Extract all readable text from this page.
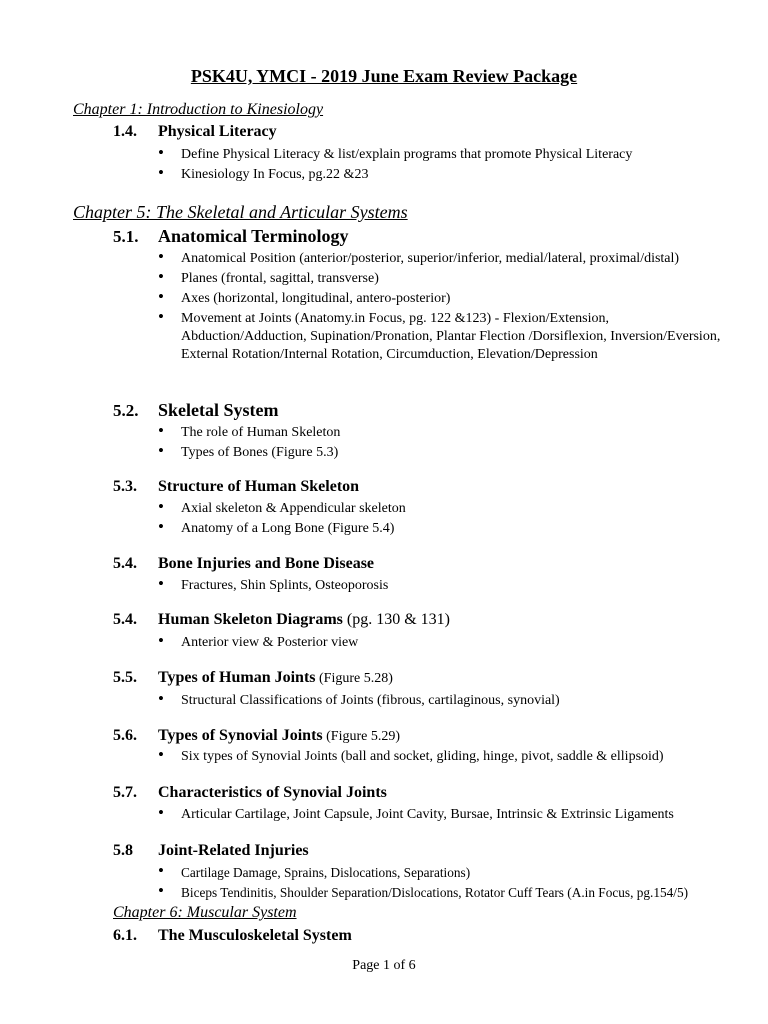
PSK4U, YMCI - 2019 June Exam Review Package
Chapter 1: Introduction to Kinesiology
1.4. Physical Literacy
• Define Physical Literacy & list/explain programs that promote Physical Literacy
• Kinesiology In Focus, pg.22 &23
Chapter 5: The Skeletal and Articular Systems
5.1. Anatomical Terminology
• Anatomical Position (anterior/posterior, superior/inferior, medial/lateral, proximal/distal)
• Planes (frontal, sagittal, transverse)
• Axes (horizontal, longitudinal, antero-posterior)
• Movement at Joints (Anatomy.in Focus, pg. 122 &123) - Flexion/Extension, Abduction/Adduction, Supination/Pronation, Plantar Flection /Dorsiflexion, Inversion/Eversion, External Rotation/Internal Rotation, Circumduction, Elevation/Depression
5.2. Skeletal System
• The role of Human Skeleton
• Types of Bones (Figure 5.3)
5.3. Structure of Human Skeleton
• Axial skeleton & Appendicular skeleton
• Anatomy of a Long Bone (Figure 5.4)
5.4. Bone Injuries and Bone Disease
• Fractures, Shin Splints, Osteoporosis
5.4. Human Skeleton Diagrams (pg. 130 & 131)
• Anterior view & Posterior view
5.5. Types of Human Joints (Figure 5.28)
• Structural Classifications of Joints (fibrous, cartilaginous, synovial)
5.6. Types of Synovial Joints (Figure 5.29)
• Six types of Synovial Joints (ball and socket, gliding, hinge, pivot, saddle & ellipsoid)
5.7. Characteristics of Synovial Joints
• Articular Cartilage, Joint Capsule, Joint Cavity, Bursae, Intrinsic & Extrinsic Ligaments
5.8 Joint-Related Injuries
• Cartilage Damage, Sprains, Dislocations, Separations)
• Biceps Tendinitis, Shoulder Separation/Dislocations, Rotator Cuff Tears (A.in Focus, pg.154/5)
Chapter 6: Muscular System
6.1. The Musculoskeletal System
Page 1 of 6
